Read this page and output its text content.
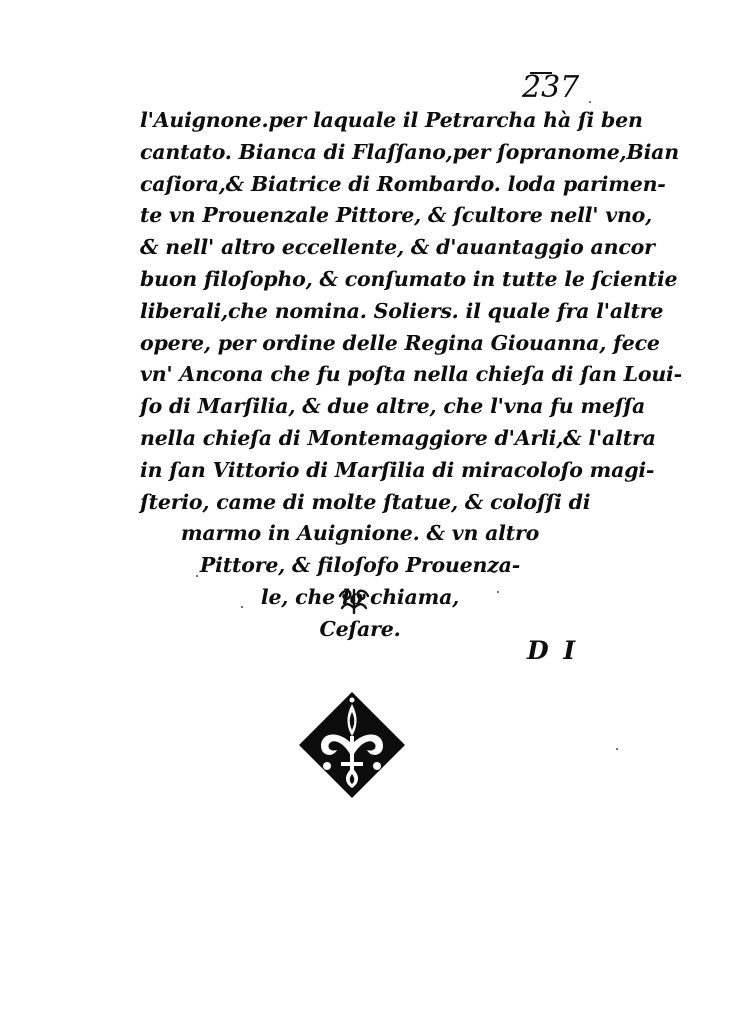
237
l'Auignone.per laquale il Petrarcha hà ſi ben
cantato. Bianca di Flaſſano,per ſopranome,Bian
caſiora,& Biatrice di Rombardo. loda parimen-
te vn Prouenzale Pittore, & ſcultore nell' vno,
& nell' altro eccellente, & d'auantaggio ancor
buon filoſopho, & conſumato in tutte le ſcientie
liberali,che nomina. Soliers. il quale fra l'altre
opere, per ordine delle Regina Giouanna, fece
vn' Ancona che fu poſta nella chieſa di ſan Loui-
ſo di Marſilia, & due altre, che l'vna fu meſſa
nella chieſa di Montemaggiore d'Arli,& l'altra
in ſan Vittorio di Marſilia di miracoloſo magi-
ſterio, came di molte ſtatue, & coloſſi di
marmo in Auignione. & vn altro
Pittore, & filoſofo Prouenza-
le, che lo chiama,
Ceſare.
D I
